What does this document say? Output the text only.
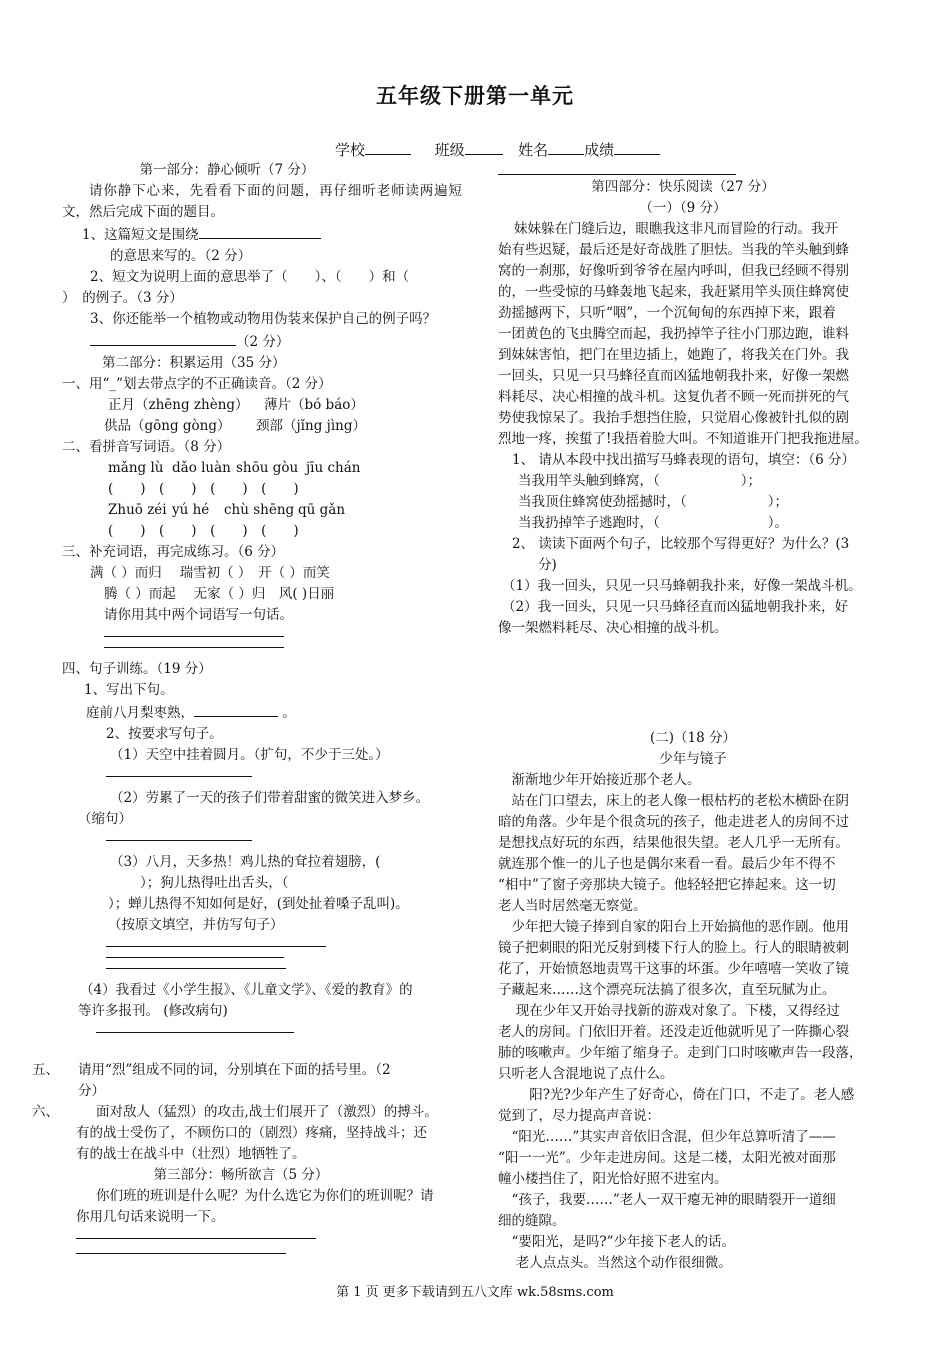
五年级下册第一单元
学校	班级	姓名 成绩
第一部分：静心倾听（7 分）
请你静下心来，先看看下面的问题，再仔细听老师读两遍短文，然后完成下面的题目。
1、这篇短文是围绕
的意思来写的。（2 分）
2、短文为说明上面的意思举了（　　）、（　　）和（
）　的例子。（3 分）
3、你还能举一个植物或动物用伪装来保护自己的例子吗？
（2 分）
第二部分：积累运用（35 分）
一、用“_”划去带点字的不正确读音。（2 分）
正月（zhēng zhèng） 薄片（bó báo）
供品（gōng gòng） 颈部（jǐng jìng）
二、看拼音写词语。（8 分）
mǎng lù dǎo luàn shōu gòu jīu chán
(　　)　(　　)　(　　)　(　　)
Zhuō zéi yú hé chù shēng qū gǎn
(　　)　(　　)　(　　)　(　　)
三、补充词语，再完成练习。（6 分）
满（ ）而归　 瑞雪初（ ）　开（ ）而笑
腾（ ）而起　 无家（ ）归　风( )日丽
请你用其中两个词语写一句话。
四、句子训练。（19 分）
1、写出下句。
庭前八月梨枣熟，	。
2、按要求写句子。
（1）天空中挂着圆月。（扩句，不少于三处。）
（2）劳累了一天的孩子们带着甜蜜的微笑进入梦乡。
（缩句）
（3）八月，天多热！鸡儿热的耷拉着翅膀，(
）；狗儿热得吐出舌头，（
）；蝉儿热得不知如何是好，(到处扯着嗓子乱叫)。
（按原文填空，并仿写句子）
（4）我看过《小学生报》、《儿童文学》、《爱的教育》的
等许多报刊。 (修改病句)
五、 请用“烈”组成不同的词，分别填在下面的括号里。（2
分）
六、	面对敌人（猛烈）的攻击,战士们展开了（激烈）的搏斗。
有的战士受伤了，不顾伤口的（剧烈）疼痛，坚持战斗；还
有的战士在战斗中（壮烈）地牺牲了。
第三部分：畅所欲言（5 分）
你们班的班训是什么呢？为什么选它为你们的班训呢？请
你用几句话来说明一下。
第四部分：快乐阅读（27 分）
（一）（9 分）
妹妹躲在门缝后边，眼瞧我这非凡而冒险的行动。我开
始有些迟疑，最后还是好奇战胜了胆怯。当我的竿头触到蜂
窝的一刹那，好像听到爷爷在屋内呼叫，但我已经顾不得别
的，一些受惊的马蜂轰地飞起来，我赶紧用竿头顶住蜂窝使
劲摇撼两下，只听“咽”，一个沉甸甸的东西掉下来，跟着
一团黄色的飞虫腾空而起，我扔掉竿子往小门那边跑，谁料
到妹妹害怕，把门在里边插上，她跑了，将我关在门外。我
一回头，只见一只马蜂径直而凶猛地朝我扑来，好像一架燃
料耗尽、决心相撞的战斗机。这复仇者不顾一死而拼死的气
势使我惊呆了。我抬手想挡住脸，只觉眉心像被针扎似的剧
烈地一疼，挨蜇了!我捂着脸大叫。不知道谁开门把我拖进屋。
1、 请从本段中找出描写马蜂表现的语句，填空：（6 分）
当我用竿头触到蜂窝，（　　　　　　）；
当我顶住蜂窝使劲摇撼时，（　　　　　　）；
当我扔掉竿子逃跑时，（　　　　　　　　）。
2、 读读下面两个句子，比较那个写得更好？为什么？(3
分)
（1）我一回头，只见一只马蜂朝我扑来，好像一架战斗机。
（2）我一回头，只见一只马蜂径直而凶猛地朝我扑来，好
像一架燃料耗尽、决心相撞的战斗机。
(二)（18 分）
少年与镜子
　渐渐地少年开始接近那个老人。
　站在门口望去，床上的老人像一根枯朽的老松木横卧在阴
暗的角落。少年是个很贪玩的孩子，他走进老人的房间不过
是想找点好玩的东西，结果他很失望。老人几乎一无所有。
就连那个惟一的儿子也是偶尔来看一看。最后少年不得不
“相中”了窗子旁那块大镜子。他轻轻把它捧起来。这一切
老人当时居然毫无察觉。
　少年把大镜子捧到自家的阳台上开始搞他的恶作剧。他用
镜子把刺眼的阳光反射到楼下行人的脸上。行人的眼睛被刺
花了，开始愤怒地责骂干这事的坏蛋。少年嘻嘻一笑收了镜
子藏起来……这个漂亮玩法搞了很多次，直至玩腻为止。
　 现在少年又开始寻找新的游戏对象了。下楼，又得经过
老人的房间。门依旧开着。还没走近他就听见了一阵撕心裂
肺的咳嗽声。少年缩了缩身子。走到门口时咳嗽声告一段落，
只听老人含混地说了点什么。
　　 阳?光?少年产生了好奇心，倚在门口，不走了。老人感
觉到了，尽力提高声音说：
　“阳光……”其实声音依旧含混，但少年总算听清了——
“阳一一光”。少年走进房间。这是二楼，太阳光被对面那
幢小楼挡住了，阳光恰好照不进室内。
　“孩子，我要……”老人一双干瘪无神的眼睛裂开一道细
细的缝隙。
　“要阳光，是吗?”少年接下老人的话。
　 老人点点头。当然这个动作很细微。
第 1 页 更多下载请到五八文库 wk.58sms.com
